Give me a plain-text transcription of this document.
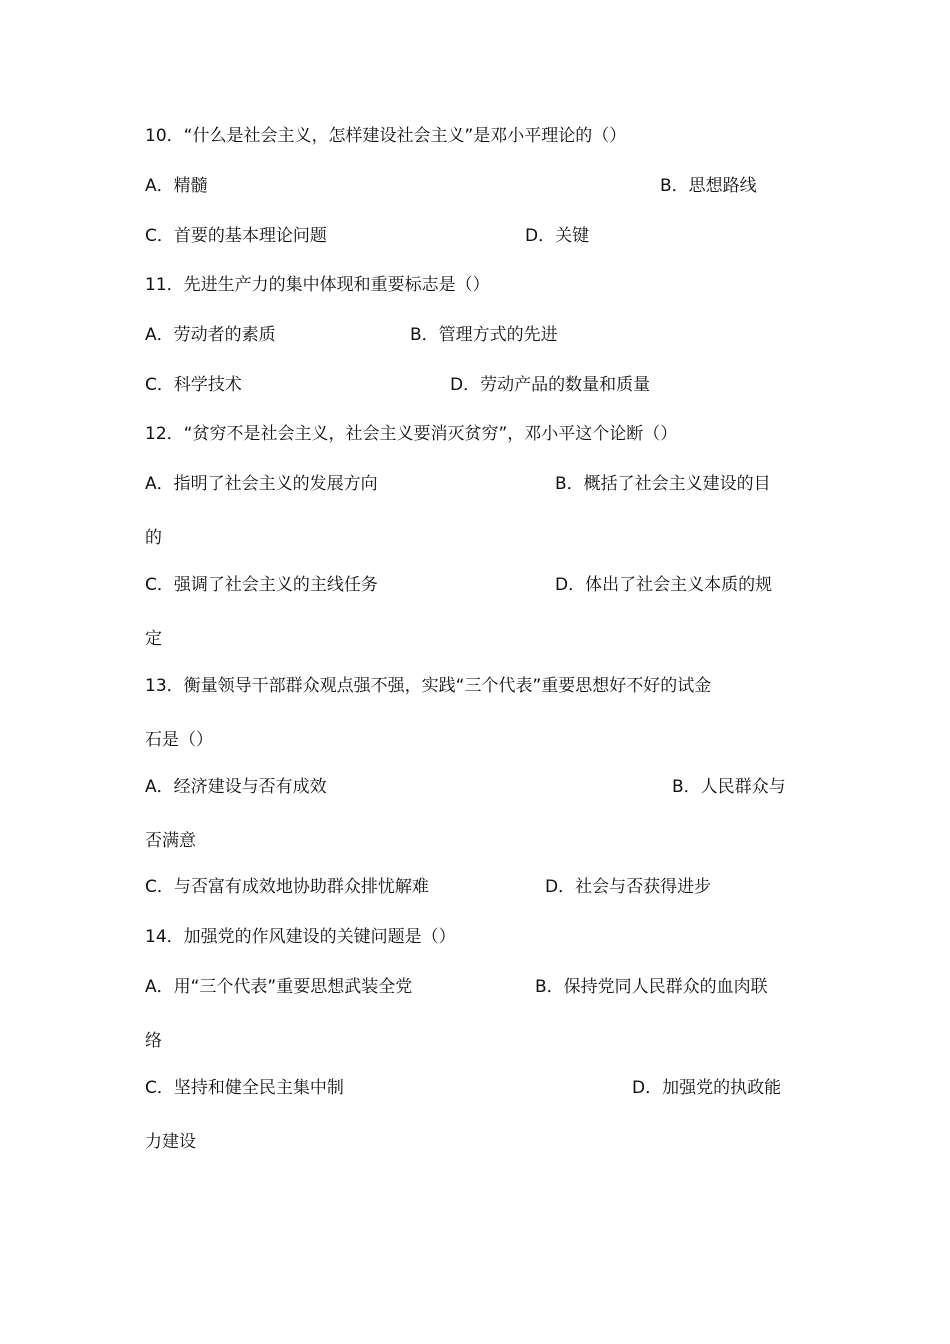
10．“什么是社会主义，怎样建设社会主义”是邓小平理论的（）
A．精髓	B．思想路线
C．首要的基本理论问题	D．关键
11．先进生产力的集中体现和重要标志是（）
A．劳动者的素质	B．管理方式的先进
C．科学技术	D．劳动产品的数量和质量
12．“贫穷不是社会主义，社会主义要消灭贫穷”，邓小平这个论断（）
A．指明了社会主义的发展方向	B．概括了社会主义建设的目
的
C．强调了社会主义的主线任务	D．体出了社会主义本质的规
定
13．衡量领导干部群众观点强不强，实践“三个代表”重要思想好不好的试金
石是（）
A．经济建设与否有成效	B．人民群众与
否满意
C．与否富有成效地协助群众排忧解难	D．社会与否获得进步
14．加强党的作风建设的关键问题是（）
A．用“三个代表”重要思想武装全党	B．保持党同人民群众的血肉联
络
C．坚持和健全民主集中制	D．加强党的执政能
力建设
